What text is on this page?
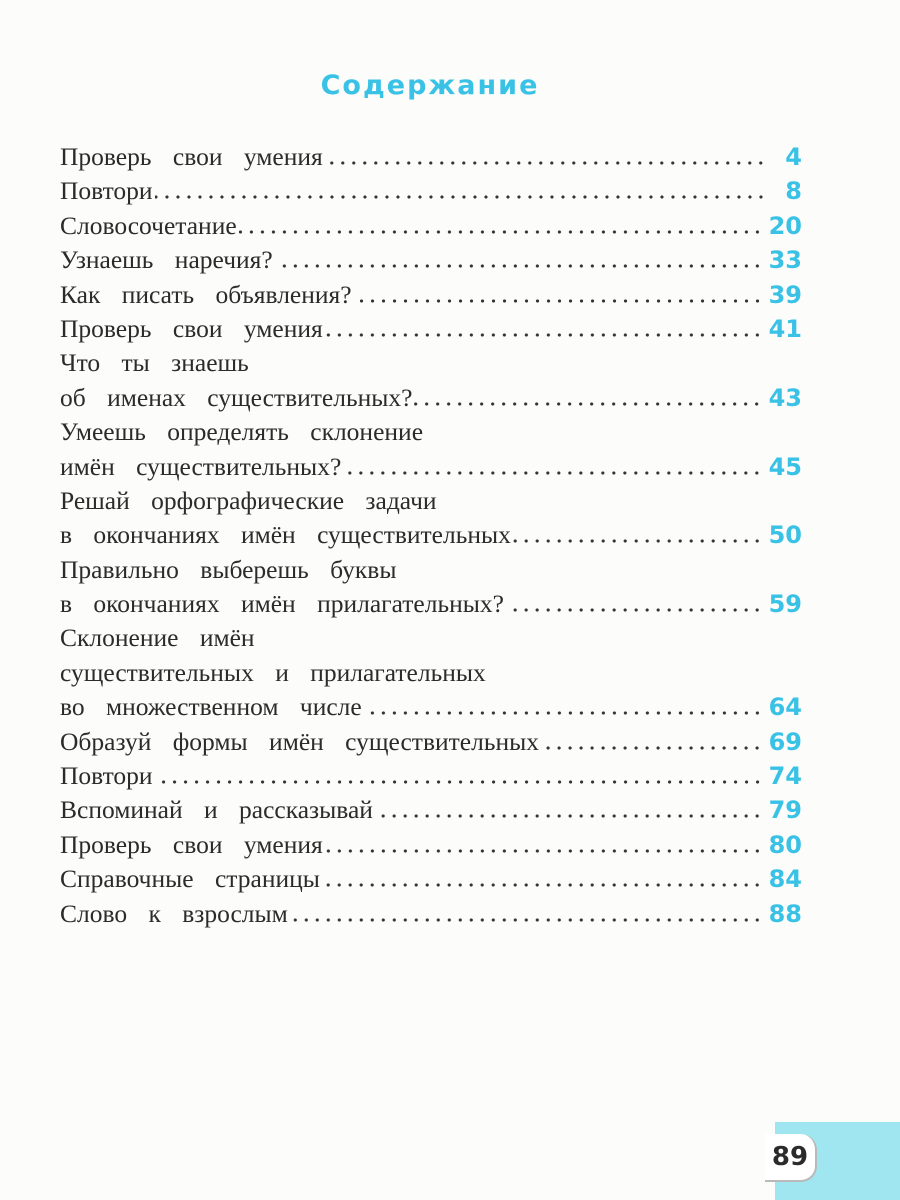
Содержание
Проверь свои умения	4
Повтори	8
Словосочетание	20
Узнаешь наречия?	33
Как писать объявления?	39
Проверь свои умения	41
Что ты знаешь
об именах существительных?	43
Умеешь определять склонение
имён существительных?	45
Решай орфографические задачи
в окончаниях имён существительных	50
Правильно выберешь буквы
в окончаниях имён прилагательных?	59
Склонение имён
существительных и прилагательных
во множественном числе	64
Образуй формы имён существительных	69
Повтори	74
Вспоминай и рассказывай	79
Проверь свои умения	80
Справочные страницы	84
Слово к взрослым	88
89
